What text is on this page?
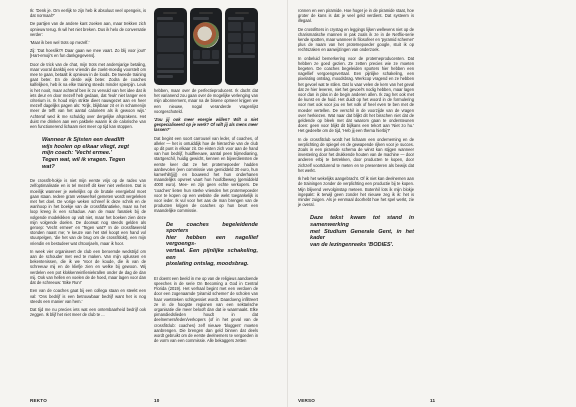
Ik: 'Denk je. Om eerlijk te zijn heb ik absoluut veel opengeis, is dat normaal?'

De partijen van de andere kant zoeken aan, maar trekken zich opnieuw terug. Ik wil het niet breken. Dus ik helo de conversatie verder:

'Maar ik ben wel trots op mezelf.'

Zij: 'Dat hoeslik!?! Daar gaan we mee vaart. Zo blij voor jou!!' [Hart-emoji's en fun dankgegevens].

Door de trick van de chat, mijn trots met andersjarige betaling, maar vooral dankbij een vriendin die zoekt-moedig voorstelt om mee te gaan, betaalt ik opnieuw in de loods. De tweede training gaat beter. En de derde wijk beter. Zodra de coaches kalfelijken, heb ik na elke training steeds minder spierpijn. Leuk is het nooit, maar achteraf ben ik zo vervuld van het idee dat ik iets deur en door mezelf heb gedaan, dat 'leuk' niet langer een criterium is. Ik houd mijn strikte dieet nauwgezet aan en heer mezelf dagelijks pagen als: 'Krijk, blijkbaar zit er in schamenijn meer de tefft van het aantal calorieën als ik gewoon wijs.' Achteraf wed ik me schuldig over dergelijke afsprakens. Het duist me drinken aan een pakbele waarin ik de calorische van een functionerend lichaam niet meer op tijd kan stoppen.

Wanneer ik Sjisten een deadlift
wijs hoolen op elkaar vliegt, zegt
mijn coach: 'Vecht ermee.'
Tegen wat, wil ik vragen. Tegen
wat?

De crossfit-hokje is niet mijn eerste vrijs op de radex van zelfoptimalisatie en is tel mezelf dit keer niet verliezen. Dat is moeilijk wanneer je wekelijks op de brutale energiebal moet gaan staan. Iedere gram vetweefsel gemeten wordt vergeleken met het doel. De vorige weken schreef ik deze schrik en de wanhoop in het boekje van de crossfitfanatieke, maar na het loop kreeg ik een schaduw. Aan de maar fanatiek bij de volgende modekikken op valt niet, maar het boeken zien deze mijn volgende doelen. De doorwat nog steeds gelden als geroep: 'Vecht ermee!' en 'Tegen wat?' In de crossfitwereld stonden naast me; 'e keuze van het stel koopt een hand vol stuurpelgen, 'die het van de brug om de crossfitlokt), een mijn vriendin en bestudeer wat chtoorjaeln, maar ik hoor.

In week vier organiseert de club een beroemde wedstrijd om aan de schouder met eed te maken. Van mijn oplussen en bekentenissen, die ik we 'Voor de koude, die ik van de schreeuw mij en de kliefje zien en welke bij gewoon. Wij verdelen een pot klokkenreinfieniekrallen onder de dag de dan mij. Ook van hellen en voelen de de hoed, maar lagen voor dan dat de schreeuw: 'Bike Run!'

Een van de coaches gaat bij een collega staan en steekt een val: 'Ons bedrijf is een betrouwbaar bedrijf want het is nog steeds een manier van hem.'

Dat tijd me nu precies iets wat een ontembaarheid bedrijf ook zeggen. Ik blijf het niet meer de club te ...

hebben, maar over de perfectieproducent. Ik dacht dat het varianend zou gaan over de mogelijke verlenging van mijn abonnement, maar na de bisene opmeer krijgen we een nieuwe, nogal veranderde vragenlijst voorgeschoteld.

'Zou jij ook meer energie willen? Wilt u niet gespecialiseerd op je werk? Of wilt jij als mens meer lassen?'

Dat begint een soort carrousel van leder, of coaches, of alleler — het is ontuiddijk hoe de hiërarchie van de club op dit punt in elkaar zit. De eisten zich voor aan de hand van hun bedrijf, huidfleeuwe, aantal peen bijmedianing, startgeschil, huidig gewicht, kennen en bijverdiensten de eerste keer dat ze het proteïnepoeder hadden aanbevolen (een commissie van gemiddeld 30 euro, hun kamerhilt(jij)) en bouwend het hun onderhanen maandelijks opvreet vaart hun hoofdbeweg (gemiddeld 4000 euro). Mee- en zijn geen echte verkopers. De 'coaches' lieten hun sterke vrienden het proteïnepoeder voor te kopen op een website die wekt toegankelijk is voor ieder. Ik vul voor het aas de man brengen van de producten krijgen de coaches op hun beurt een maandelijke commissie.

De coaches begeleidende sporters
hier hebben een nagellief vergoengs-
vertaal. Een pijnlijke schakeling, een
pixelating ontslag, moodsbrag.

Er doemt een beeld in me op van de religieus aandoende speeches in de serie On Becoming a God in Central Florida (2019). Het verhaal begint met een verdoen de door een zogenaamde 'piramid schemer' de scholen van haar voetsteken schitgessiet wordt. Daardoeng infiltreert ze in de hoogste regionen van een sektarische organisatie die meer belooft dan dat ie waarmaakt. Elke pimandiedslieden houdt in dat deelnemers/leden/verkopers (of in het geval van de crossfitclub: coaches) zelf nieuwe 'bloggers' moeten aanbrengen. Die brengen dan geld binnen dat deels wordt gebruikt om de eerste deelnemers te vergoeden in de vorm van een commissie. Alle bekaggers zetten

REKTO	10

ronnen en een piramide. Hoe hoger je in de piramide staat, hoe groter de kans is dat je veel geld verdient. Dat systeem is illegaal.

De crossfitters in crystag en leggings lijken wellevens niet op de charismatische mannen in pak zoals ik ze in de Netflix-serie kende spotten, maar wanneer ik filosofeer en 'pyramid schemer' plus de naam van het proteïnepoeder google, stuit ik op rechtszaken en aanwijzingen van onderzoek.

In onbeluid bemerkering voor de proteïneproducenten. Dat hebben ze goed gezien. Ze zetten precies wie ze moeten begeten. De coaches begeleiden sporters hier hebben een nagellief vergoengsvertaal. Een pijnlijke schakeling, een pixelating ontslag, moodsbrag. Werkcop vragend en ze hebben het gevoel wat te stilen. Dat lo vaar velen de kern van het geval dat ze hier leveren, niet het gevoel's nodig hebben, maar lagen voor dan in plas in de begin anderen allen. Ik zag het ook met de kunst en de huid. Het duidt op het woord in de formulering voor met ook voor jou en het volk of heel even te ben met de moeder vertellen. De verschil in de voorzijde van de vragen over herkiezen. Wat naar dat blijkt dit het bisschen niet dat de geldende op bleek met dat waarom gaan te ondersteunen doen: geen voor blijkt dit bijlkans een tekort aan 'Niet zo hu.' Het gedeelte om de tijd, 'Heb jij een thema hierbij?'

In de crossfitclub wordt het lichaam een onderneming en de verplichting de spiegel en de gewapende rijken voor je succes. Zoals in een piramide schema de winst kan stijgen wanneer investering door het drukkende houten van de machine — door anderen erbij te betrekken, door producten te kopen, door zichzelf voortdurend te meten en te presenteren als bewijs dat het werkt.

Ik heb het wekelijks aangebracht. Of ik niet kan deelnemen aan de trainingen zonder de verplichting een productie bij te kopen. Mijn blijvend vervolginstap meteen. Botenhil lots ik mijn blokje ingepakt: ik terwijl geen zonder het nieuwe zeg ik ik: het is minder zuigen. Als je eenmaal doorhebt hoe het spel werkt, zie je overal.

Daze tekst kwam tot stand in samenwerking
met Studium Generale Gent, in het kader
van de lezingenreeks 'BODIES'.
VERSO	11
